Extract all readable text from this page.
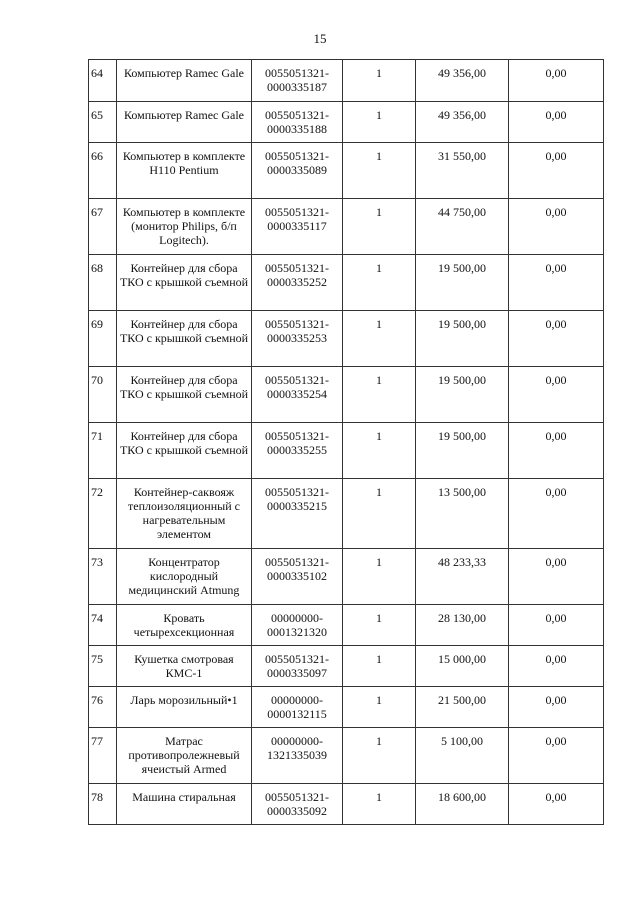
15
64	Компьютер Ramec Gale	0055051321-0000335187	1	49 356,00	0,00
65	Компьютер Ramec Gale	0055051321-0000335188	1	49 356,00	0,00
66	Компьютер в комплекте H110 Pentium	0055051321-0000335089	1	31 550,00	0,00
67	Компьютер в комплекте (монитор Philips, б/п Logitech).	0055051321-0000335117	1	44 750,00	0,00
68	Контейнер для сбора ТКО с крышкой съемной	0055051321-0000335252	1	19 500,00	0,00
69	Контейнер для сбора ТКО с крышкой съемной	0055051321-0000335253	1	19 500,00	0,00
70	Контейнер для сбора ТКО с крышкой съемной	0055051321-0000335254	1	19 500,00	0,00
71	Контейнер для сбора ТКО с крышкой съемной	0055051321-0000335255	1	19 500,00	0,00
72	Контейнер-саквояж теплоизоляционный с нагревательным элементом	0055051321-0000335215	1	13 500,00	0,00
73	Концентратор кислородный медицинский Atmung	0055051321-0000335102	1	48 233,33	0,00
74	Кровать четырехсекционная	00000000-0001321320	1	28 130,00	0,00
75	Кушетка смотровая КМС-1	0055051321-0000335097	1	15 000,00	0,00
76	Ларь морозильный•1	00000000-0000132115	1	21 500,00	0,00
77	Матрас противопролежневый ячеистый Armed	00000000-1321335039	1	5 100,00	0,00
78	Машина стиральная	0055051321-0000335092	1	18 600,00	0,00
